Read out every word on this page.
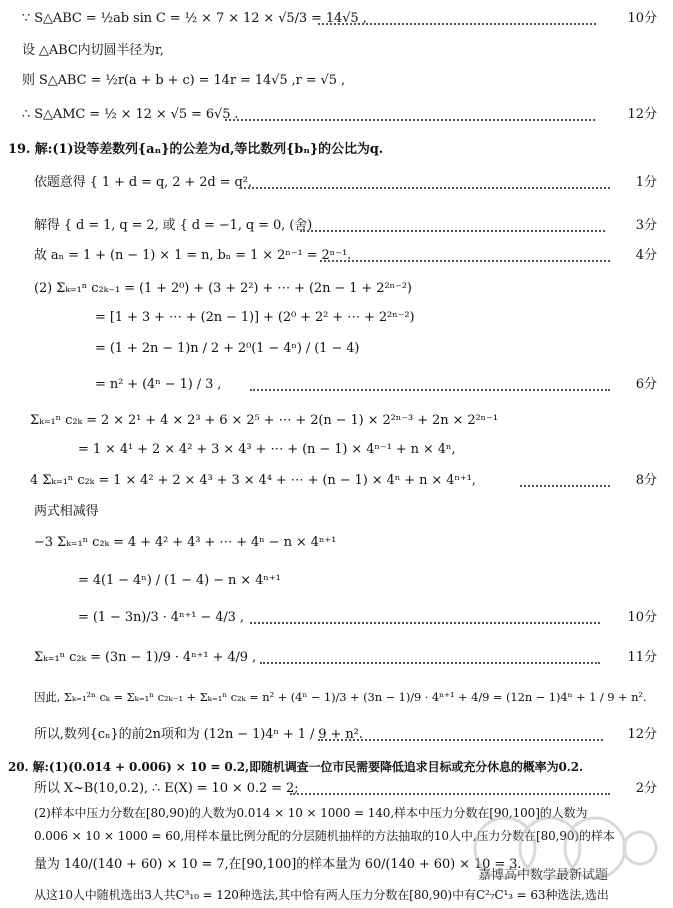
∵ S△ABC = ½ab sin C = ½ × 7 × 12 × √5/3 = 14√5 ,	10分
设 △ABC内切圆半径为r,
则 S△ABC = ½r(a + b + c) = 14r = 14√5 ,r = √5 ,
∴ S△AMC = ½ × 12 × √5 = 6√5 .	12分
19. 解:(1)设等差数列{aₙ}的公差为d,等比数列{bₙ}的公比为q.
依题意得 { 1 + d = q, 2 + 2d = q²,	1分
解得 { d = 1, q = 2, 或 { d = −1, q = 0, (舍)	3分
故 aₙ = 1 + (n − 1) × 1 = n, bₙ = 1 × 2ⁿ⁻¹ = 2ⁿ⁻¹.	4分
(2) Σₖ₌₁ⁿ c₂ₖ₋₁ = (1 + 2⁰) + (3 + 2²) + ⋯ + (2n − 1 + 2²ⁿ⁻²)
= [1 + 3 + ⋯ + (2n − 1)] + (2⁰ + 2² + ⋯ + 2²ⁿ⁻²)
= (1 + 2n − 1)n / 2 + 2⁰(1 − 4ⁿ) / (1 − 4)
= n² + (4ⁿ − 1) / 3 ,	6分
Σₖ₌₁ⁿ c₂ₖ = 2 × 2¹ + 4 × 2³ + 6 × 2⁵ + ⋯ + 2(n − 1) × 2²ⁿ⁻³ + 2n × 2²ⁿ⁻¹
= 1 × 4¹ + 2 × 4² + 3 × 4³ + ⋯ + (n − 1) × 4ⁿ⁻¹ + n × 4ⁿ,
4 Σₖ₌₁ⁿ c₂ₖ = 1 × 4² + 2 × 4³ + 3 × 4⁴ + ⋯ + (n − 1) × 4ⁿ + n × 4ⁿ⁺¹,	8分
两式相减得
−3 Σₖ₌₁ⁿ c₂ₖ = 4 + 4² + 4³ + ⋯ + 4ⁿ − n × 4ⁿ⁺¹
= 4(1 − 4ⁿ) / (1 − 4) − n × 4ⁿ⁺¹
= (1 − 3n)/3 · 4ⁿ⁺¹ − 4/3 ,	10分
Σₖ₌₁ⁿ c₂ₖ = (3n − 1)/9 · 4ⁿ⁺¹ + 4/9 ,	11分
因此, Σₖ₌₁²ⁿ cₖ = Σₖ₌₁ⁿ c₂ₖ₋₁ + Σₖ₌₁ⁿ c₂ₖ = n² + (4ⁿ − 1)/3 + (3n − 1)/9 · 4ⁿ⁺¹ + 4/9 = (12n − 1)4ⁿ + 1 / 9 + n².
所以,数列{cₙ}的前2n项和为 (12n − 1)4ⁿ + 1 / 9 + n².	12分
20. 解:(1)(0.014 + 0.006) × 10 = 0.2,即随机调查一位市民需要降低追求目标或充分休息的概率为0.2.
所以 X~B(10,0.2), ∴ E(X) = 10 × 0.2 = 2;	2分
(2)样本中压力分数在[80,90)的人数为0.014 × 10 × 1000 = 140,样本中压力分数在[90,100]的人数为
0.006 × 10 × 1000 = 60,用样本量比例分配的分层随机抽样的方法抽取的10人中,压力分数在[80,90)的样本
量为 140/(140 + 60) × 10 = 7,在[90,100]的样本量为 60/(140 + 60) × 10 = 3.
从这10人中随机选出3人共C³₁₀ = 120种选法,其中恰有两人压力分数在[80,90)中有C²₇C¹₃ = 63种选法,选出
嘉博高中数学最新试题
